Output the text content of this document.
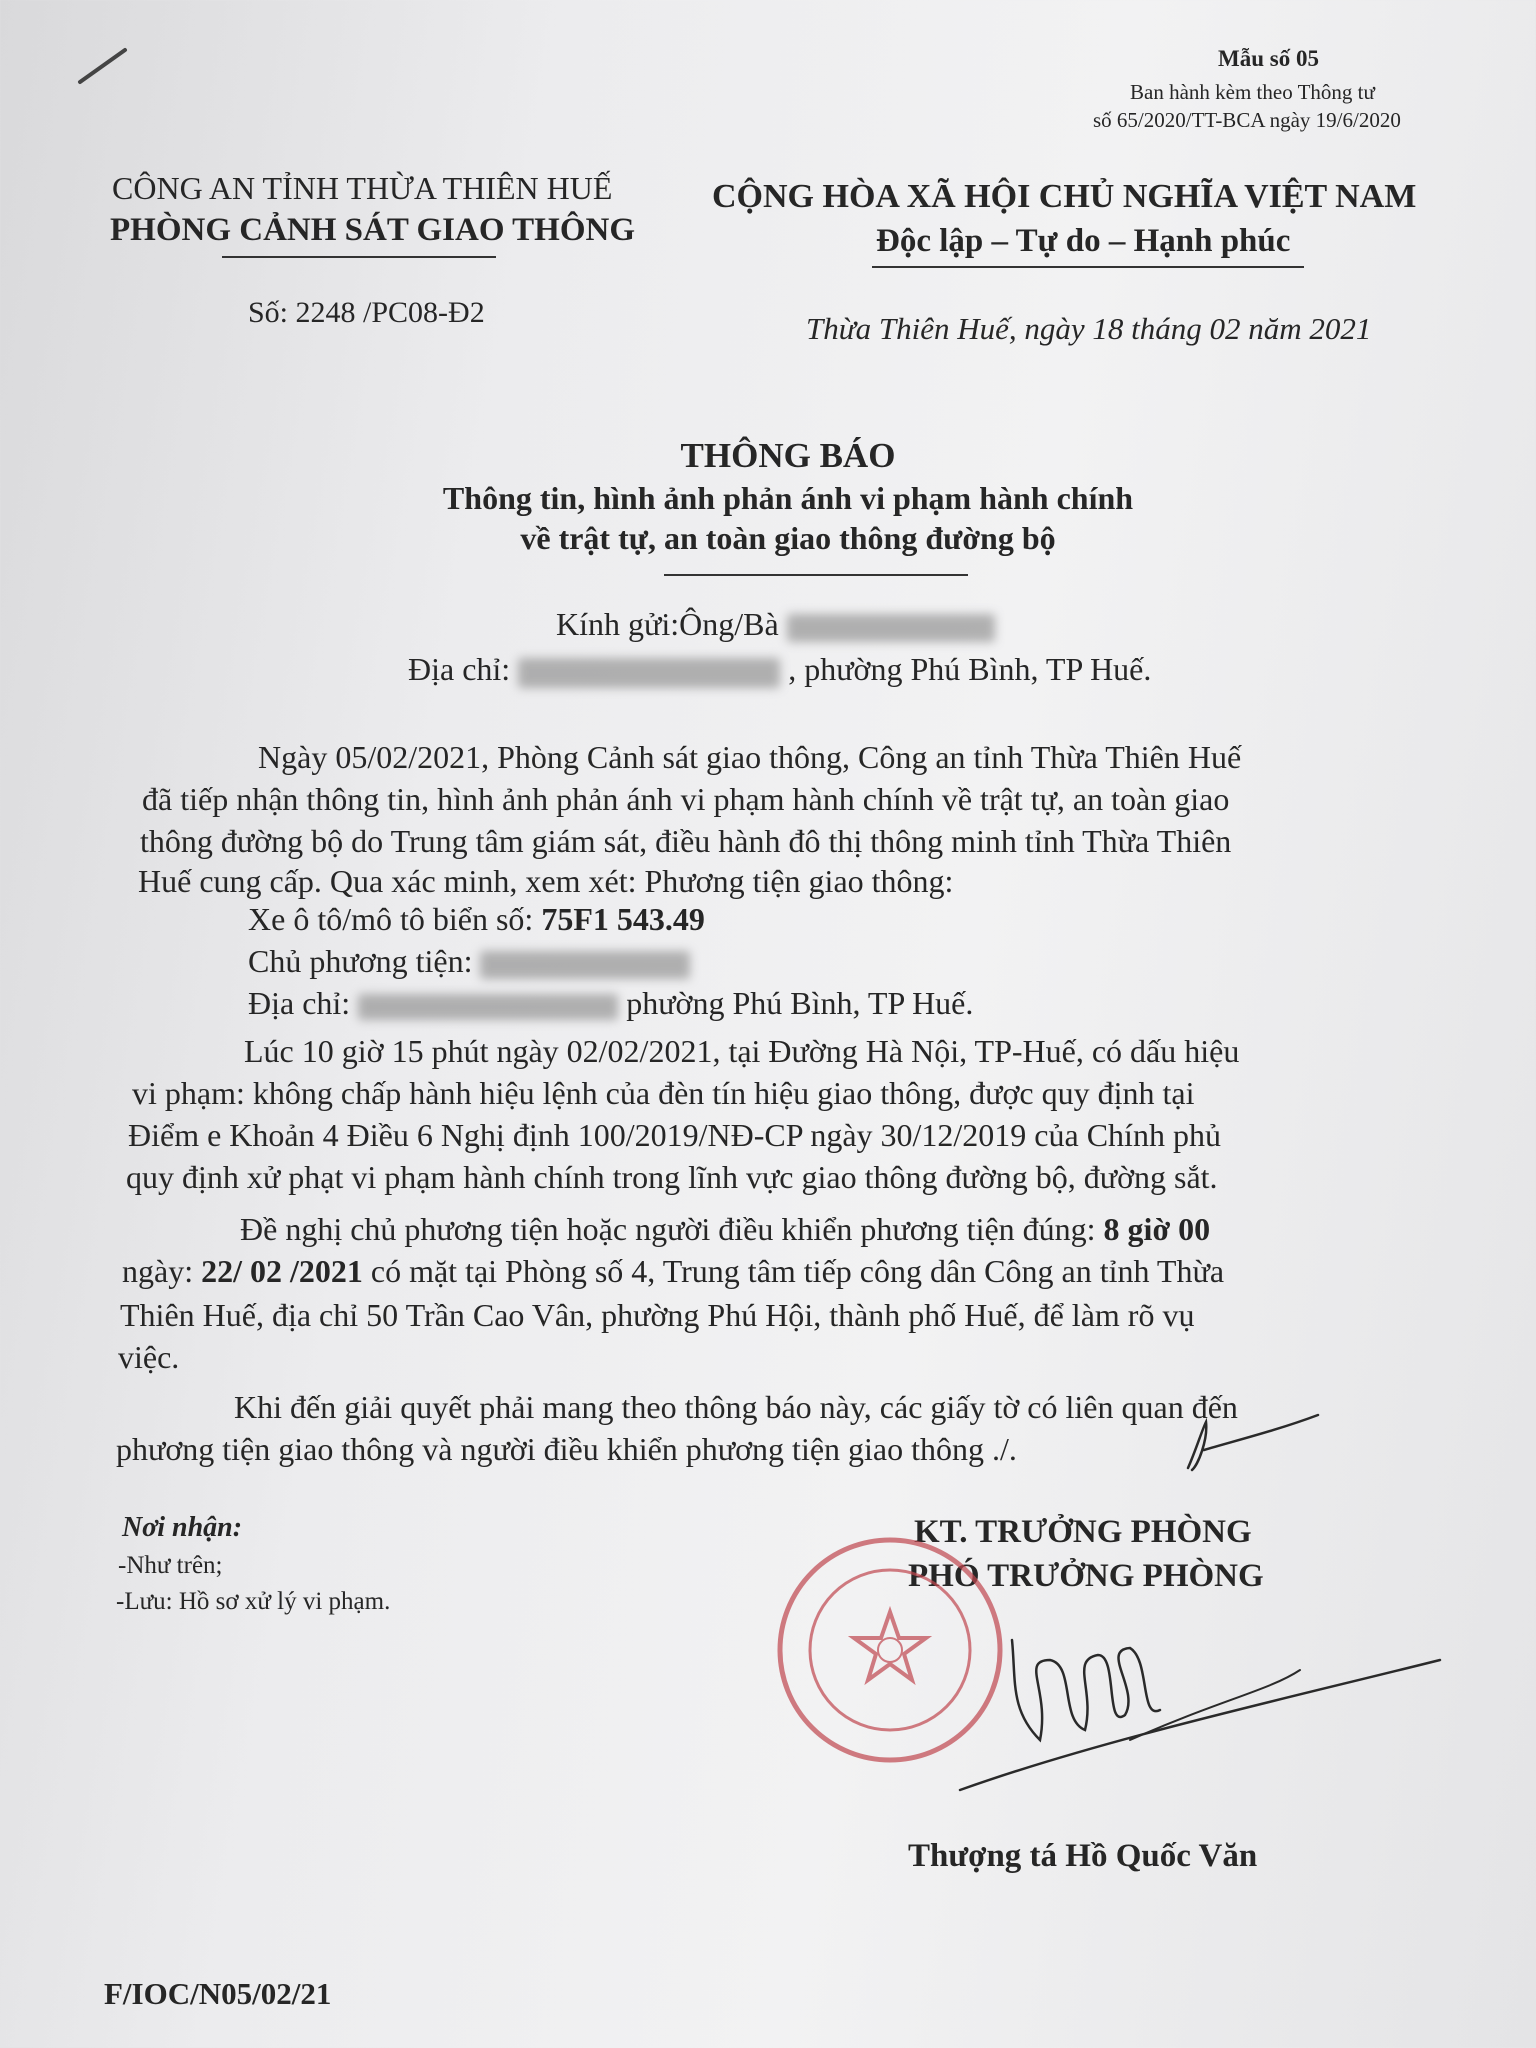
Mẫu số 05
Ban hành kèm theo Thông tư
số 65/2020/TT-BCA ngày 19/6/2020
CÔNG AN TỈNH THỪA THIÊN HUẾ
PHÒNG CẢNH SÁT GIAO THÔNG
Số: 2248 /PC08-Đ2
CỘNG HÒA XÃ HỘI CHỦ NGHĨA VIỆT NAM
Độc lập – Tự do – Hạnh phúc
Thừa Thiên Huế, ngày 18 tháng 02 năm 2021
THÔNG BÁO
Thông tin, hình ảnh phản ánh vi phạm hành chính
về trật tự, an toàn giao thông đường bộ
Kính gửi:Ông/Bà
Địa chỉ:	, phường Phú Bình, TP Huế.
Ngày 05/02/2021, Phòng Cảnh sát giao thông, Công an tỉnh Thừa Thiên Huế
đã tiếp nhận thông tin, hình ảnh phản ánh vi phạm hành chính về trật tự, an toàn giao
thông đường bộ do Trung tâm giám sát, điều hành đô thị thông minh tỉnh Thừa Thiên
Huế cung cấp. Qua xác minh, xem xét: Phương tiện giao thông:
Xe ô tô/mô tô biển số: 75F1 543.49
Chủ phương tiện:
Địa chỉ:	phường Phú Bình, TP Huế.
Lúc 10 giờ 15 phút ngày 02/02/2021, tại Đường Hà Nội, TP-Huế, có dấu hiệu
vi phạm: không chấp hành hiệu lệnh của đèn tín hiệu giao thông, được quy định tại
Điểm e Khoản 4 Điều 6 Nghị định 100/2019/NĐ-CP ngày 30/12/2019 của Chính phủ
quy định xử phạt vi phạm hành chính trong lĩnh vực giao thông đường bộ, đường sắt.
Đề nghị chủ phương tiện hoặc người điều khiển phương tiện đúng: 8 giờ 00
ngày: 22/ 02 /2021 có mặt tại Phòng số 4, Trung tâm tiếp công dân Công an tỉnh Thừa
Thiên Huế, địa chỉ 50 Trần Cao Vân, phường Phú Hội, thành phố Huế, để làm rõ vụ
việc.
Khi đến giải quyết phải mang theo thông báo này, các giấy tờ có liên quan đến
phương tiện giao thông và người điều khiển phương tiện giao thông ./.
Nơi nhận:
-Như trên;
-Lưu: Hồ sơ xử lý vi phạm.
KT. TRƯỞNG PHÒNG
PHÓ TRƯỞNG PHÒNG
Thượng tá Hồ Quốc Văn
F/IOC/N05/02/21
